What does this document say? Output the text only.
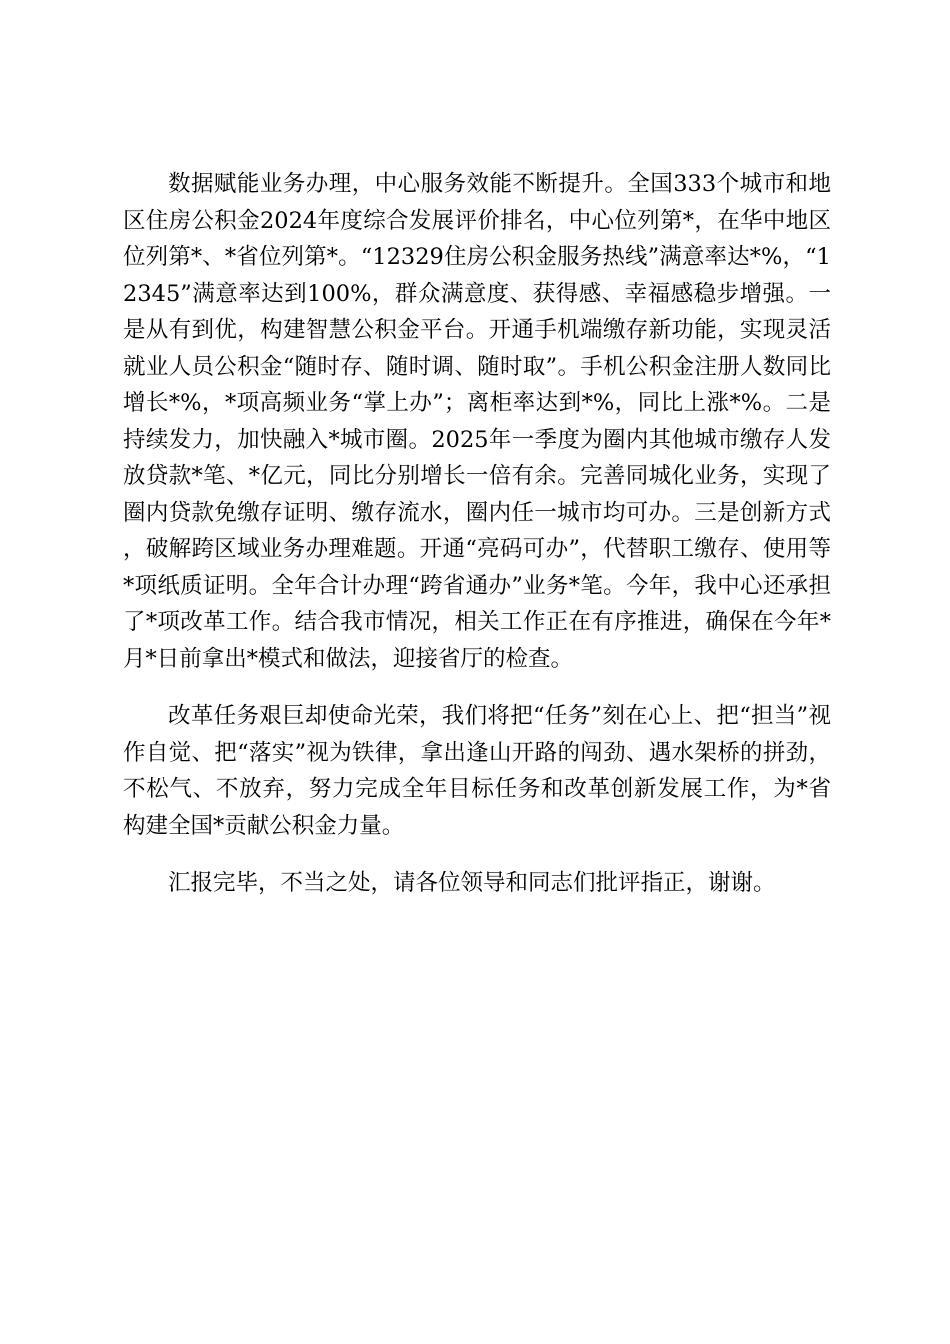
数据赋能业务办理，中心服务效能不断提升。全国333个城市和地区住房公积金2024年度综合发展评价排名，中心位列第*，在华中地区位列第*、*省位列第*。“12329住房公积金服务热线”满意率达*%，“12345”满意率达到100%，群众满意度、获得感、幸福感稳步增强。一是从有到优，构建智慧公积金平台。开通手机端缴存新功能，实现灵活就业人员公积金“随时存、随时调、随时取”。手机公积金注册人数同比增长*%，*项高频业务“掌上办”；离柜率达到*%，同比上涨*%。二是持续发力，加快融入*城市圈。2025年一季度为圈内其他城市缴存人发放贷款*笔、*亿元，同比分别增长一倍有余。完善同城化业务，实现了圈内贷款免缴存证明、缴存流水，圈内任一城市均可办。三是创新方式，破解跨区域业务办理难题。开通“亮码可办”，代替职工缴存、使用等*项纸质证明。全年合计办理“跨省通办”业务*笔。今年，我中心还承担了*项改革工作。结合我市情况，相关工作正在有序推进，确保在今年*月*日前拿出*模式和做法，迎接省厅的检查。

改革任务艰巨却使命光荣，我们将把“任务”刻在心上、把“担当”视作自觉、把“落实”视为铁律，拿出逢山开路的闯劲、遇水架桥的拼劲，不松气、不放弃，努力完成全年目标任务和改革创新发展工作，为*省构建全国*贡献公积金力量。

汇报完毕，不当之处，请各位领导和同志们批评指正，谢谢。
